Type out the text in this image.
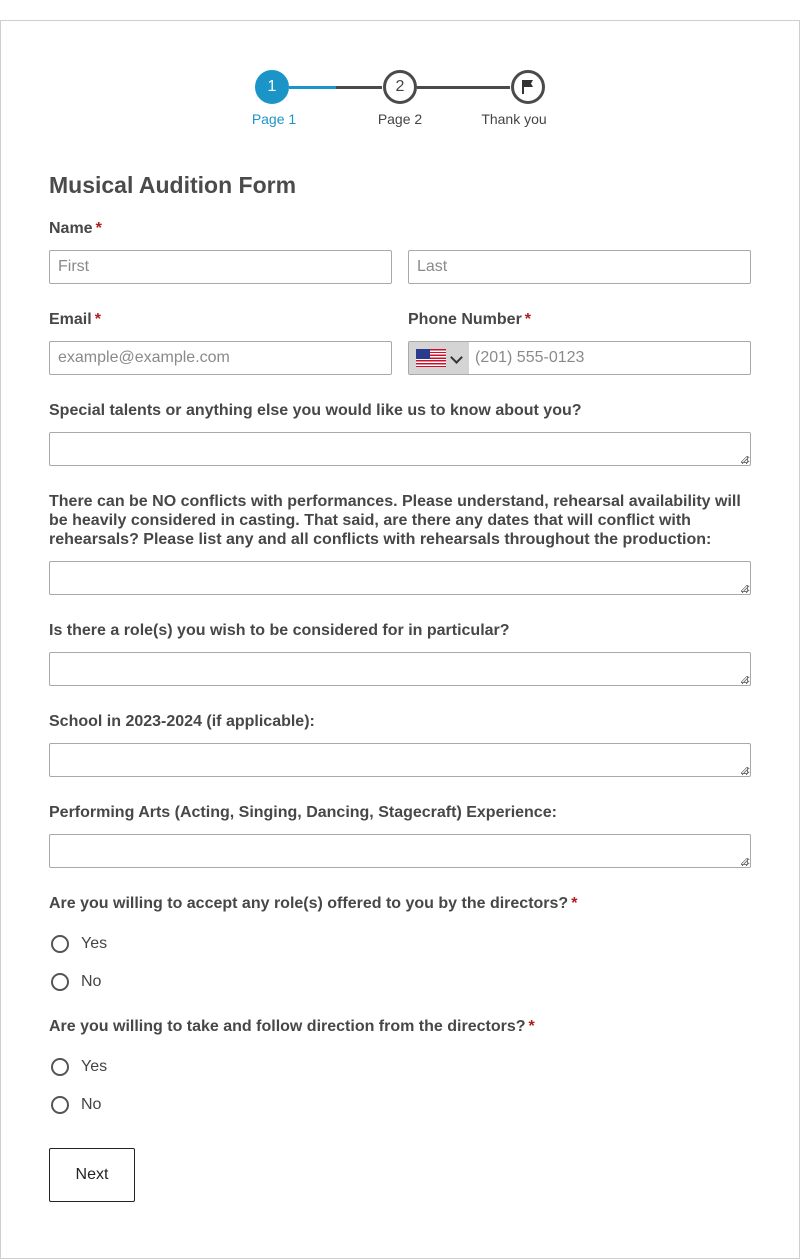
1
Page 1
2
Page 2	Thank you
Musical Audition Form
Name *
First
Last
Email *
example@example.com	Phone Number *
(201) 555-0123
Special talents or anything else you would like us to know about you?
There can be NO conflicts with performances. Please understand, rehearsal availability will be heavily considered in casting. That said, are there any dates that will conflict with rehearsals? Please list any and all conflicts with rehearsals throughout the production:
Is there a role(s) you wish to be considered for in particular?
School in 2023-2024 (if applicable):
Performing Arts (Acting, Singing, Dancing, Stagecraft) Experience:
Are you willing to accept any role(s) offered to you by the directors? *
Yes
No
Are you willing to take and follow direction from the directors? *
Yes
No
Next
